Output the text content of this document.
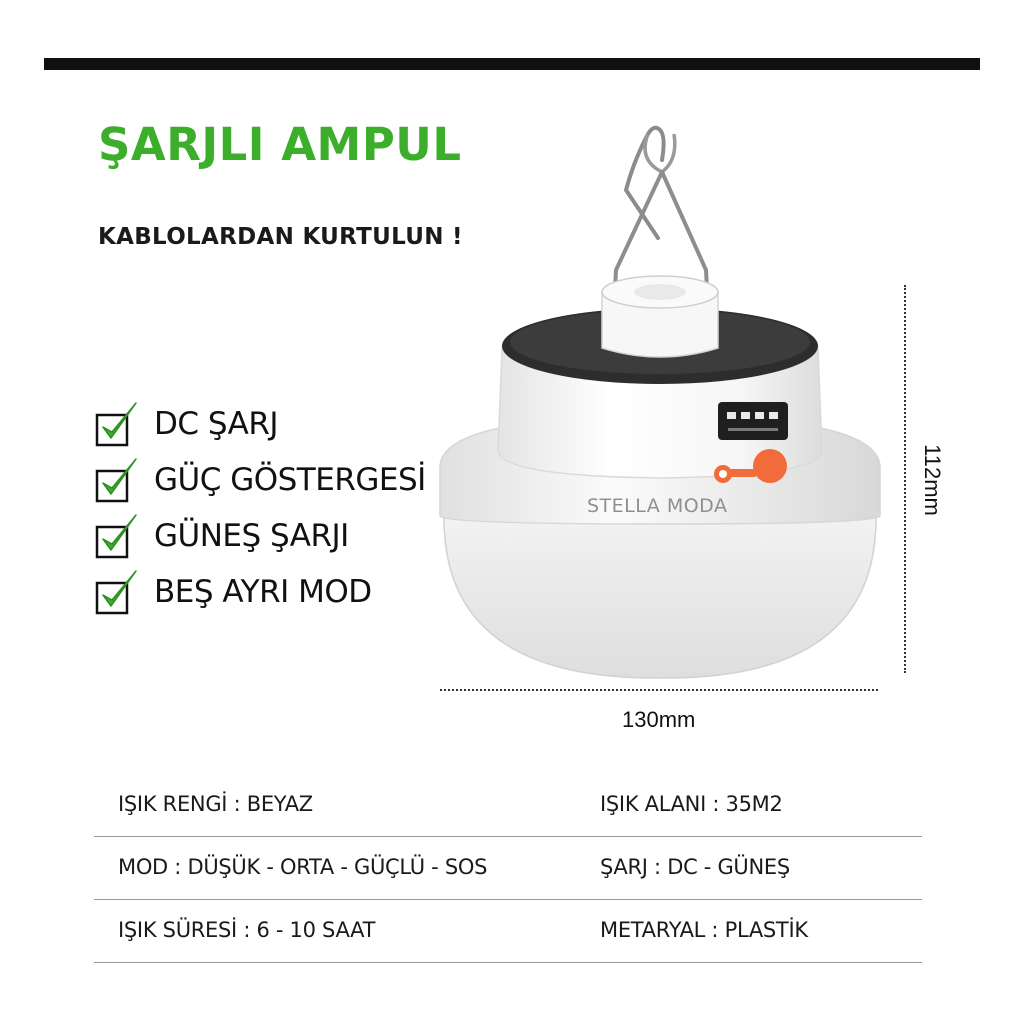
ŞARJLI AMPUL
KABLOLARDAN KURTULUN !
DC ŞARJ
GÜÇ GÖSTERGESİ
GÜNEŞ ŞARJI
BEŞ AYRI MOD
STELLA MODA
130mm
112mm
IŞIK RENGİ : BEYAZ	IŞIK ALANI : 35M2
MOD : DÜŞÜK - ORTA - GÜÇLÜ - SOS	ŞARJ : DC - GÜNEŞ
IŞIK SÜRESİ : 6 - 10 SAAT	METARYAL : PLASTİK
